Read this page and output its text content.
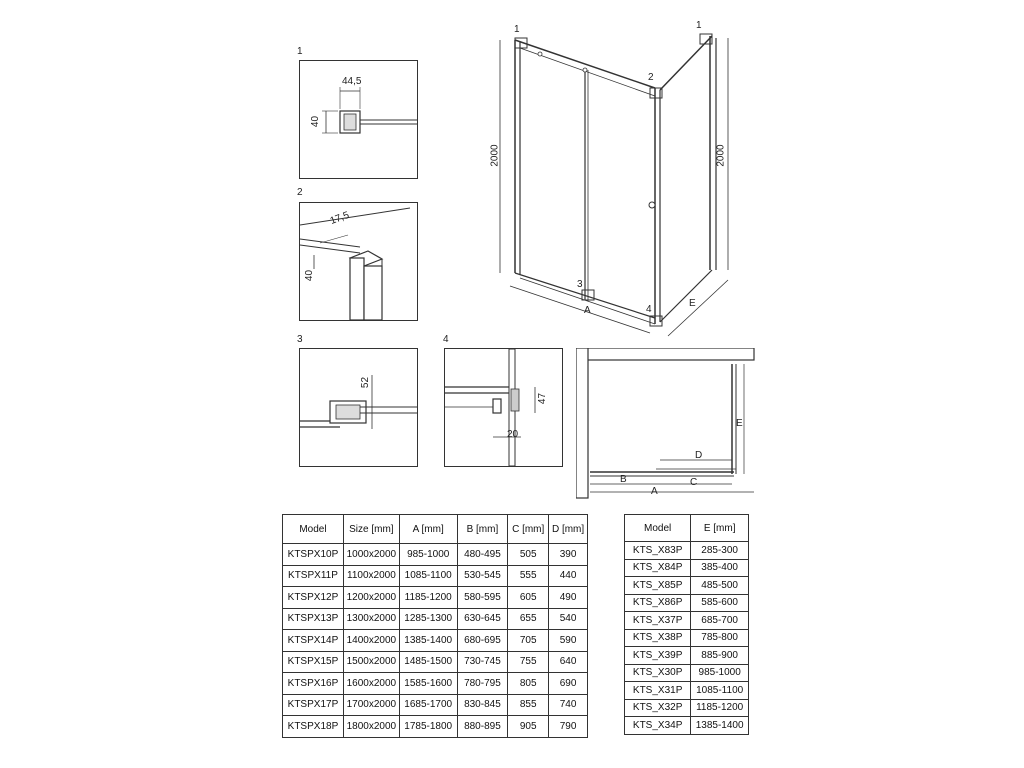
1
44,5
40
2
17,5
40
3
52
4
20
47
1	1
2
3
4
2000	2000
A
E
D
B	C
A
E
Model	Size [mm]	A [mm]	B [mm]	C [mm]	D [mm]
KTSPX10P	1000x2000	985-1000	480-495	505	390
KTSPX11P	1100x2000	1085-1100	530-545	555	440
KTSPX12P	1200x2000	1185-1200	580-595	605	490
KTSPX13P	1300x2000	1285-1300	630-645	655	540
KTSPX14P	1400x2000	1385-1400	680-695	705	590
KTSPX15P	1500x2000	1485-1500	730-745	755	640
KTSPX16P	1600x2000	1585-1600	780-795	805	690
KTSPX17P	1700x2000	1685-1700	830-845	855	740
KTSPX18P	1800x2000	1785-1800	880-895	905	790
Model	E [mm]
KTS_X83P	285-300
KTS_X84P	385-400
KTS_X85P	485-500
KTS_X86P	585-600
KTS_X37P	685-700
KTS_X38P	785-800
KTS_X39P	885-900
KTS_X30P	985-1000
KTS_X31P	1085-1100
KTS_X32P	1185-1200
KTS_X34P	1385-1400
